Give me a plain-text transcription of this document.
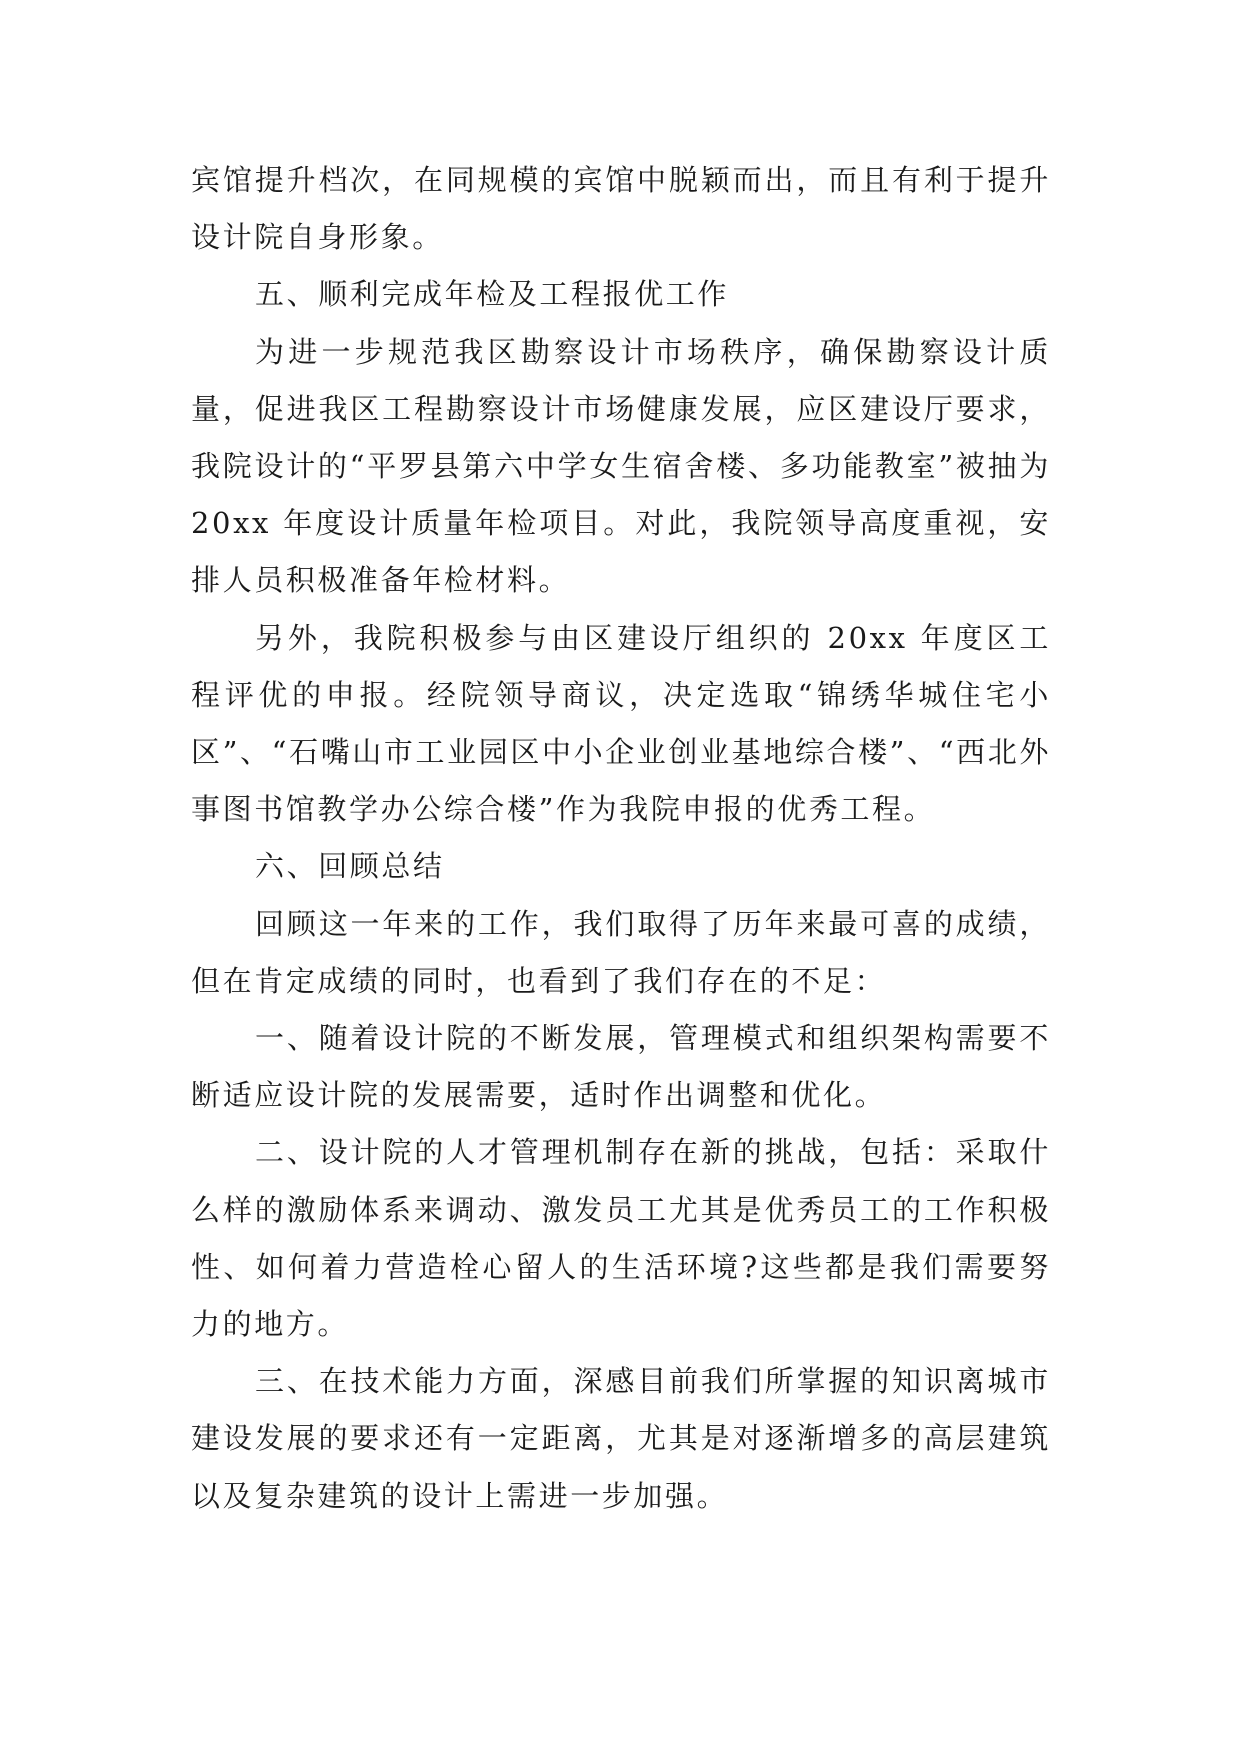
宾馆提升档次，在同规模的宾馆中脱颖而出，而且有利于提升设计院自身形象。

五、顺利完成年检及工程报优工作

为进一步规范我区勘察设计市场秩序，确保勘察设计质量，促进我区工程勘察设计市场健康发展，应区建设厅要求，我院设计的“平罗县第六中学女生宿舍楼、多功能教室”被抽为 20xx 年度设计质量年检项目。对此，我院领导高度重视，安排人员积极准备年检材料。

另外，我院积极参与由区建设厅组织的 20xx 年度区工程评优的申报。经院领导商议，决定选取“锦绣华城住宅小区”、“石嘴山市工业园区中小企业创业基地综合楼”、“西北外事图书馆教学办公综合楼”作为我院申报的优秀工程。

六、回顾总结

回顾这一年来的工作，我们取得了历年来最可喜的成绩，但在肯定成绩的同时，也看到了我们存在的不足：

一、随着设计院的不断发展，管理模式和组织架构需要不断适应设计院的发展需要，适时作出调整和优化。

二、设计院的人才管理机制存在新的挑战，包括：采取什么样的激励体系来调动、激发员工尤其是优秀员工的工作积极性、如何着力营造栓心留人的生活环境?这些都是我们需要努力的地方。

三、在技术能力方面，深感目前我们所掌握的知识离城市建设发展的要求还有一定距离，尤其是对逐渐增多的高层建筑以及复杂建筑的设计上需进一步加强。
